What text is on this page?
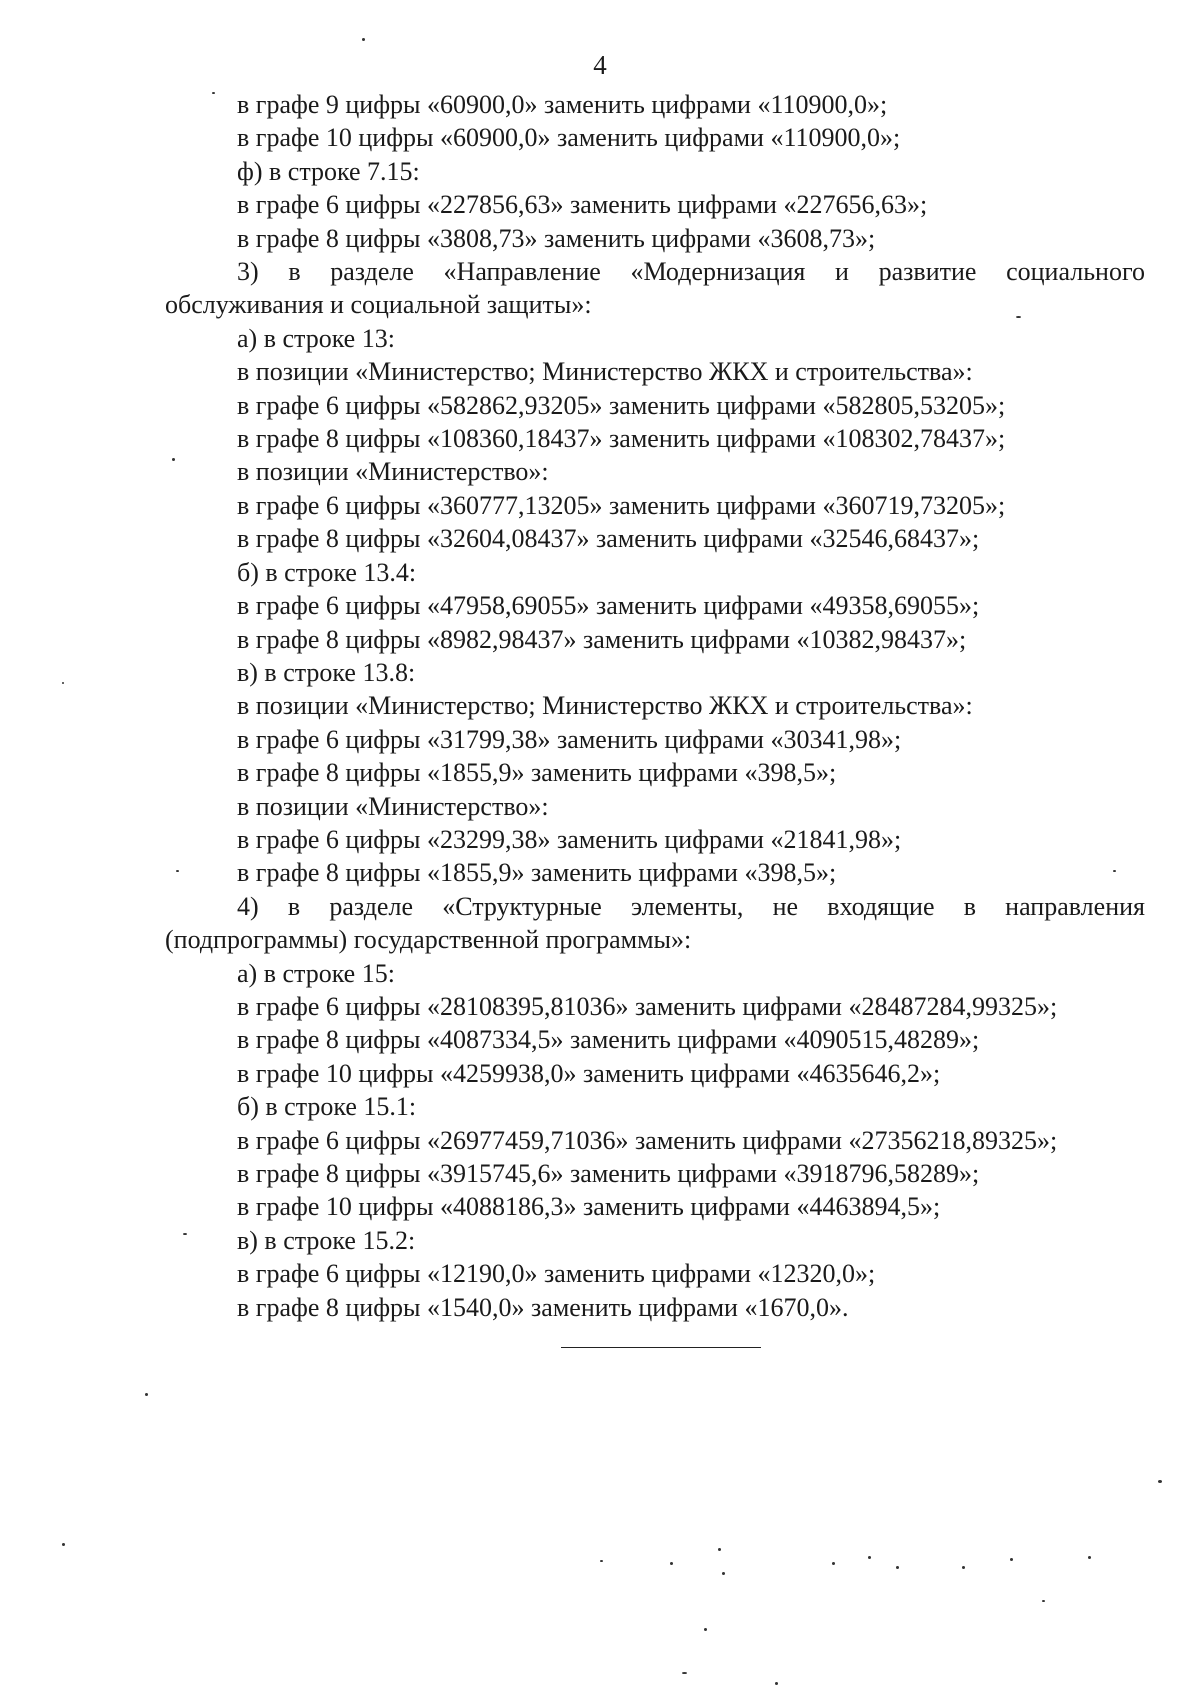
4
в графе 9 цифры «60900,0» заменить цифрами «110900,0»;
в графе 10 цифры «60900,0» заменить цифрами «110900,0»;
ф) в строке 7.15:
в графе 6 цифры «227856,63» заменить цифрами «227656,63»;
в графе 8 цифры «3808,73» заменить цифрами «3608,73»;
3) в разделе «Направление «Модернизация и развитие социального
обслуживания и социальной защиты»:
а) в строке 13:
в позиции «Министерство; Министерство ЖКХ и строительства»:
в графе 6 цифры «582862,93205» заменить цифрами «582805,53205»;
в графе 8 цифры «108360,18437» заменить цифрами «108302,78437»;
в позиции «Министерство»:
в графе 6 цифры «360777,13205» заменить цифрами «360719,73205»;
в графе 8 цифры «32604,08437» заменить цифрами «32546,68437»;
б) в строке 13.4:
в графе 6 цифры «47958,69055» заменить цифрами «49358,69055»;
в графе 8 цифры «8982,98437» заменить цифрами «10382,98437»;
в) в строке 13.8:
в позиции «Министерство; Министерство ЖКХ и строительства»:
в графе 6 цифры «31799,38» заменить цифрами «30341,98»;
в графе 8 цифры «1855,9» заменить цифрами «398,5»;
в позиции «Министерство»:
в графе 6 цифры «23299,38» заменить цифрами «21841,98»;
в графе 8 цифры «1855,9» заменить цифрами «398,5»;
4) в разделе «Структурные элементы, не входящие в направления
(подпрограммы) государственной программы»:
а) в строке 15:
в графе 6 цифры «28108395,81036» заменить цифрами «28487284,99325»;
в графе 8 цифры «4087334,5» заменить цифрами «4090515,48289»;
в графе 10 цифры «4259938,0» заменить цифрами «4635646,2»;
б) в строке 15.1:
в графе 6 цифры «26977459,71036» заменить цифрами «27356218,89325»;
в графе 8 цифры «3915745,6» заменить цифрами «3918796,58289»;
в графе 10 цифры «4088186,3» заменить цифрами «4463894,5»;
в) в строке 15.2:
в графе 6 цифры «12190,0» заменить цифрами «12320,0»;
в графе 8 цифры «1540,0» заменить цифрами «1670,0».
